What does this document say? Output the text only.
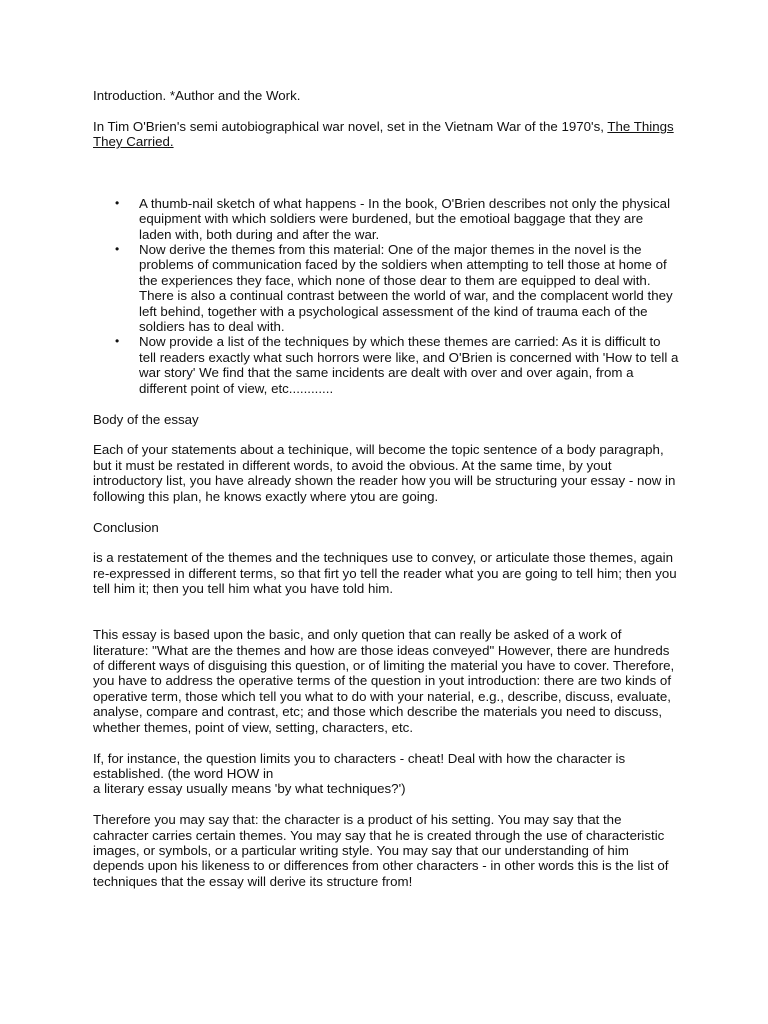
Introduction. *Author and the Work.

In Tim O'Brien's semi autobiographical war novel, set in the Vietnam War of the 1970's, The Things They Carried.

• A thumb-nail sketch of what happens - In the book, O'Brien describes not only the physical equipment with which soldiers were burdened, but the emotioal baggage that they are laden with, both during and after the war.
• Now derive the themes from this material: One of the major themes in the novel is the problems of communication faced by the soldiers when attempting to tell those at home of the experiences they face, which none of those dear to them are equipped to deal with. There is also a continual contrast between the world of war, and the complacent world they left behind, together with a psychological assessment of the kind of trauma each of the soldiers has to deal with.
• Now provide a list of the techniques by which these themes are carried: As it is difficult to tell readers exactly what such horrors were like, and O'Brien is concerned with 'How to tell a war story' We find that the same incidents are dealt with over and over again, from a different point of view, etc............

Body of the essay

Each of your statements about a techinique, will become the topic sentence of a body paragraph, but it must be restated in different words, to avoid the obvious. At the same time, by yout introductory list, you have already shown the reader how you will be structuring your essay - now in following this plan, he knows exactly where ytou are going.

Conclusion

is a restatement of the themes and the techniques use to convey, or articulate those themes, again re-expressed in different terms, so that firt yo tell the reader what you are going to tell him; then you tell him it; then you tell him what you have told him.

This essay is based upon the basic, and only quetion that can really be asked of a work of literature: "What are the themes and how are those ideas conveyed" However, there are hundreds of different ways of disguising this question, or of limiting the material you have to cover. Therefore, you have to address the operative terms of the question in yout introduction: there are two kinds of operative term, those which tell you what to do with your naterial, e.g., describe, discuss, evaluate, analyse, compare and contrast, etc; and those which describe the materials you need to discuss, whether themes, point of view, setting, characters, etc.

If, for instance, the question limits you to characters - cheat! Deal with how the character is established. (the word HOW in
a literary essay usually means 'by what techniques?')

Therefore you may say that: the character is a product of his setting. You may say that the cahracter carries certain themes. You may say that he is created through the use of characteristic images, or symbols, or a particular writing style. You may say that our understanding of him depends upon his likeness to or differences from other characters - in other words this is the list of techniques that the essay will derive its structure from!
